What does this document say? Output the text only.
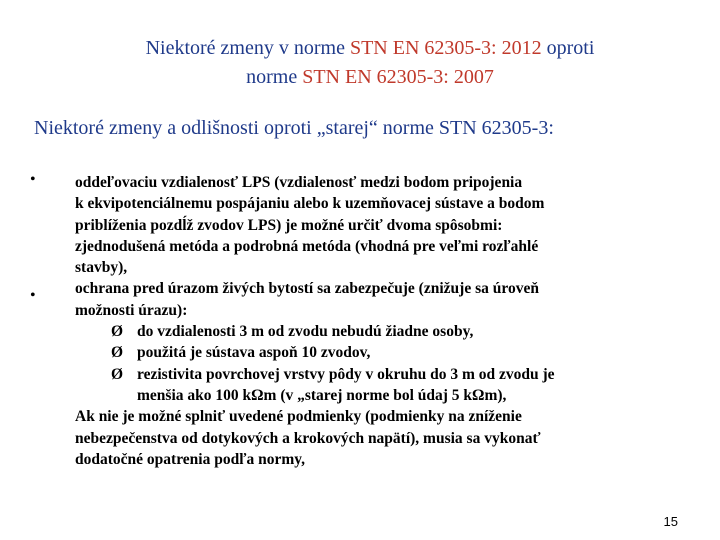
Niektoré zmeny v norme STN EN 62305-3: 2012 oproti
norme STN EN 62305-3: 2007
Niektoré zmeny a odlišnosti oproti „starej“ norme STN 62305-3:
•
•

oddeľovaciu vzdialenosť LPS (vzdialenosť medzi bodom pripojenia

k ekvipotenciálnemu pospájaniu alebo k uzemňovacej sústave a bodom

priblíženia pozdĺž zvodov LPS) je možné určiť dvoma spôsobmi:

zjednodušená metóda a podrobná metóda (vhodná pre veľmi rozľahlé

stavby),

ochrana pred úrazom živých bytostí sa zabezpečuje (znižuje sa úroveň

možnosti úrazu):

Ø do vzdialenosti 3 m od zvodu nebudú žiadne osoby,

Ø použitá je sústava aspoň 10 zvodov,

Ø rezistivita povrchovej vrstvy pôdy v okruhu do 3 m od zvodu je

menšia ako 100 kΩm (v „starej norme bol údaj 5 kΩm),

Ak nie je možné splniť uvedené podmienky (podmienky na zníženie

nebezpečenstva od dotykových a krokových napätí), musia sa vykonať

dodatočné opatrenia podľa normy,

15
